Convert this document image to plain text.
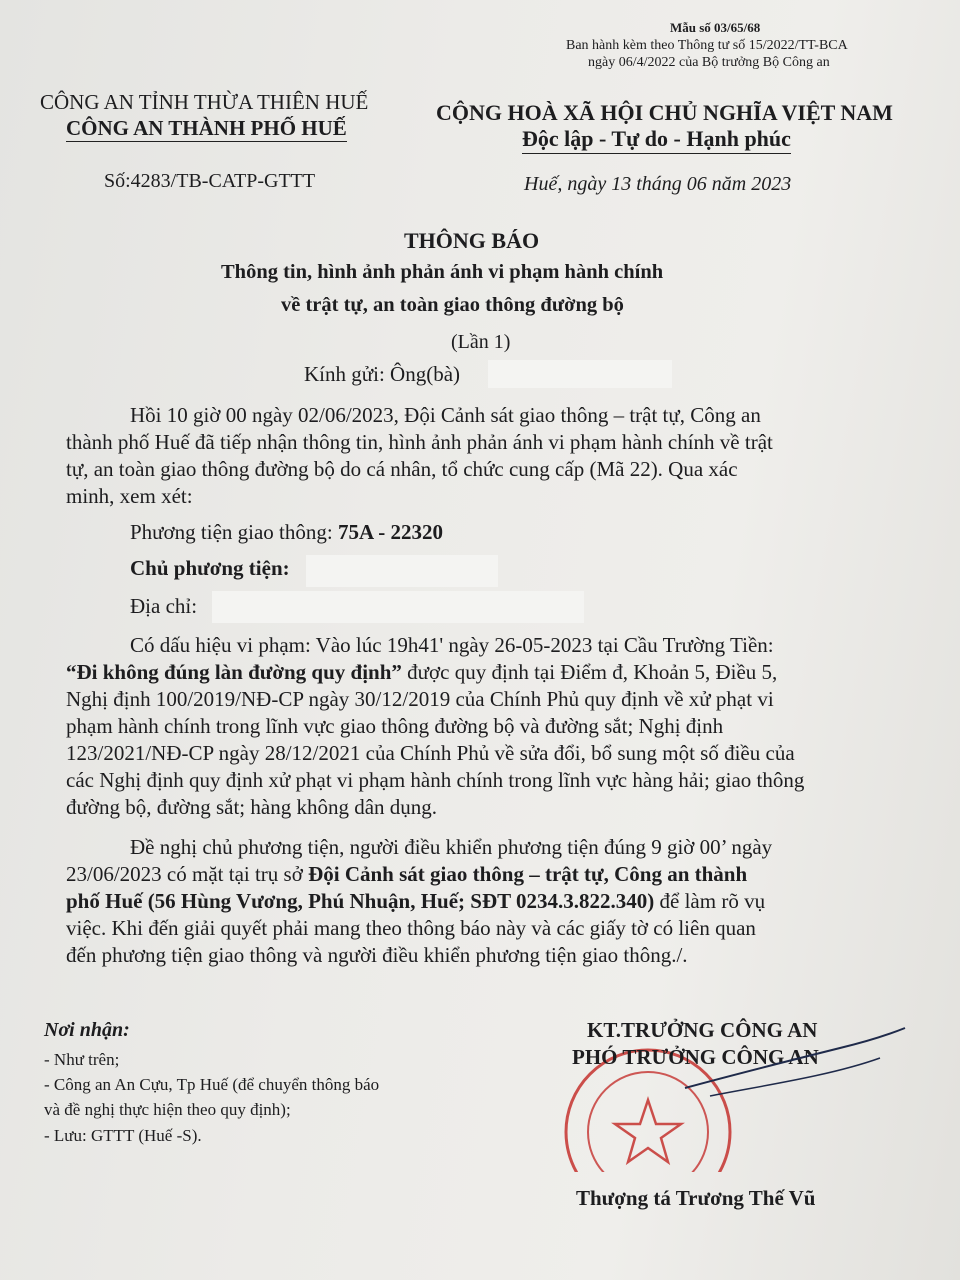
Mẫu số 03/65/68
Ban hành kèm theo Thông tư số 15/2022/TT-BCA
ngày 06/4/2022 của Bộ trưởng Bộ Công an
CÔNG AN TỈNH THỪA THIÊN HUẾ
CÔNG AN THÀNH PHỐ HUẾ
CỘNG HOÀ XÃ HỘI CHỦ NGHĨA VIỆT NAM
Độc lập - Tự do - Hạnh phúc
Số:4283/TB-CATP-GTTT	Huế, ngày 13 tháng 06 năm 2023
THÔNG BÁO
Thông tin, hình ảnh phản ánh vi phạm hành chính
về trật tự, an toàn giao thông đường bộ
(Lần 1)
Kính gửi: Ông(bà)
Hồi 10 giờ 00 ngày 02/06/2023, Đội Cảnh sát giao thông – trật tự, Công an
thành phố Huế đã tiếp nhận thông tin, hình ảnh phản ánh vi phạm hành chính về trật
tự, an toàn giao thông đường bộ do cá nhân, tổ chức cung cấp (Mã 22). Qua xác
minh, xem xét:
Phương tiện giao thông: 75A - 22320
Chủ phương tiện:
Địa chỉ:
Có dấu hiệu vi phạm: Vào lúc 19h41' ngày 26-05-2023 tại Cầu Trường Tiền:
“Đi không đúng làn đường quy định” được quy định tại Điểm đ, Khoản 5, Điều 5,
Nghị định 100/2019/NĐ-CP ngày 30/12/2019 của Chính Phủ quy định về xử phạt vi
phạm hành chính trong lĩnh vực giao thông đường bộ và đường sắt; Nghị định
123/2021/NĐ-CP ngày 28/12/2021 của Chính Phủ về sửa đổi, bổ sung một số điều của
các Nghị định quy định xử phạt vi phạm hành chính trong lĩnh vực hàng hải; giao thông
đường bộ, đường sắt; hàng không dân dụng.
Đề nghị chủ phương tiện, người điều khiển phương tiện đúng 9 giờ 00’ ngày
23/06/2023 có mặt tại trụ sở Đội Cảnh sát giao thông – trật tự, Công an thành
phố Huế (56 Hùng Vương, Phú Nhuận, Huế; SĐT 0234.3.822.340) để làm rõ vụ
việc. Khi đến giải quyết phải mang theo thông báo này và các giấy tờ có liên quan
đến phương tiện giao thông và người điều khiển phương tiện giao thông./.
Nơi nhận:
- Như trên;
- Công an An Cựu, Tp Huế (để chuyển thông báo
và đề nghị thực hiện theo quy định);
- Lưu: GTTT (Huế -S).
KT.TRƯỞNG CÔNG AN
PHÓ TRƯỞNG CÔNG AN
Thượng tá Trương Thế Vũ
